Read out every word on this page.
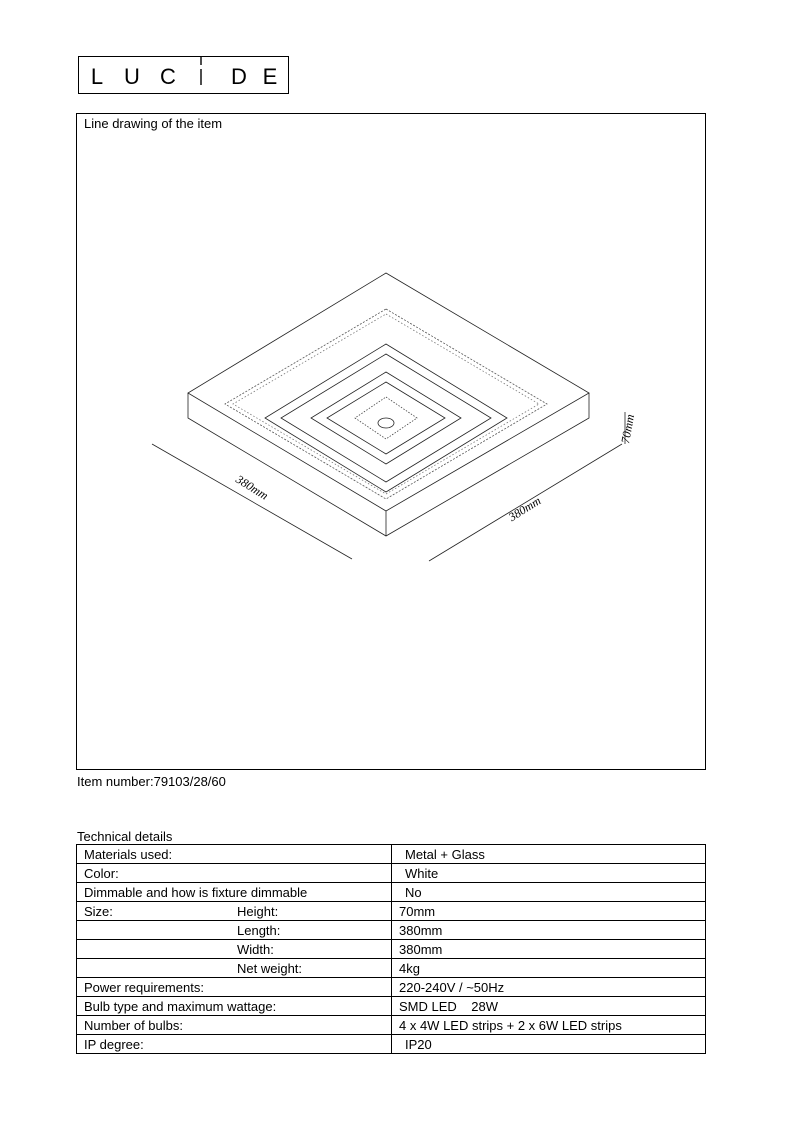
L U C	D E
Line drawing of the item
380mm
380mm
70mm
Item number:79103/28/60
Technical details
Materials used:	Metal + Glass
Color:	White
Dimmable and how is fixture dimmable	No

Size: Height:	70mm

Length:	380mm

Width:	380mm

Net weight:	4kg
Power requirements:	220-240V / ~50Hz
Bulb type and maximum wattage:	SMD LED    28W
Number of bulbs:	4 x 4W LED strips + 2 x 6W LED strips
IP degree:	IP20
